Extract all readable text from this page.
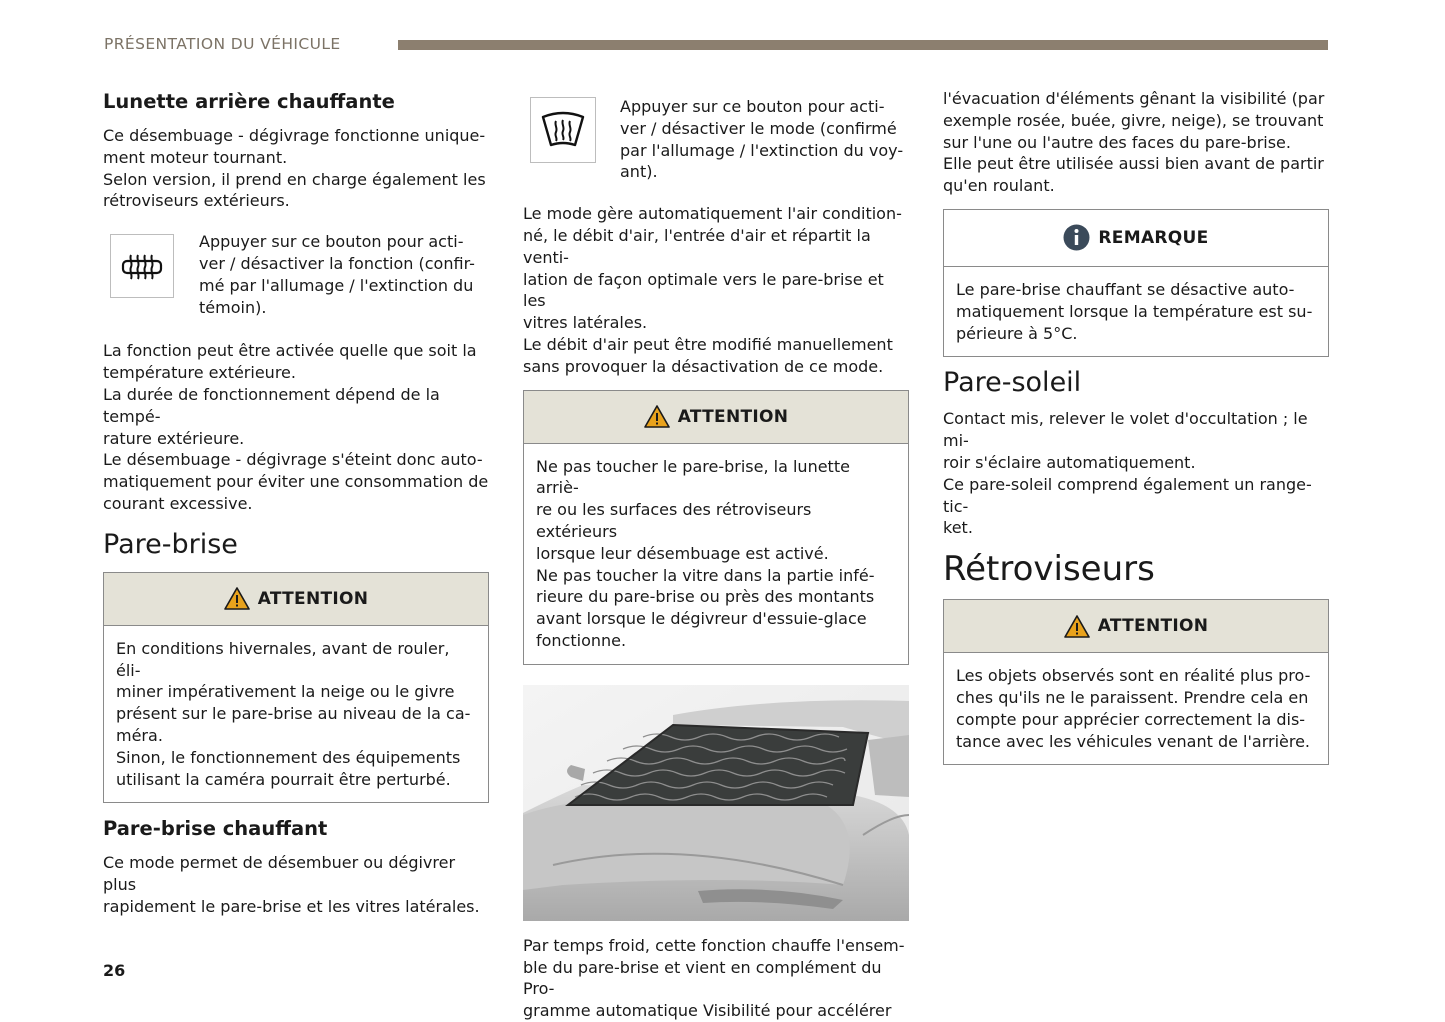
PRÉSENTATION DU VÉHICULE
Lunette arrière chauffante

Ce désembuage - dégivrage fonctionne unique-
ment moteur tournant.
Selon version, il prend en charge également les
rétroviseurs extérieurs.

Appuyer sur ce bouton pour acti-
ver / désactiver la fonction (confir-
mé par l'allumage / l'extinction du
témoin).

La fonction peut être activée quelle que soit la
température extérieure.
La durée de fonctionnement dépend de la tempé-
rature extérieure.
Le désembuage - dégivrage s'éteint donc auto-
matiquement pour éviter une consommation de
courant excessive.

Pare-brise
ATTENTION

En conditions hivernales, avant de rouler, éli-
miner impérativement la neige ou le givre
présent sur le pare-brise au niveau de la ca-
méra.
Sinon, le fonctionnement des équipements
utilisant la caméra pourrait être perturbé.

Pare-brise chauffant

Ce mode permet de désembuer ou dégivrer plus
rapidement le pare-brise et les vitres latérales.

Appuyer sur ce bouton pour acti-
ver / désactiver le mode (confirmé
par l'allumage / l'extinction du voy-
ant).

Le mode gère automatiquement l'air condition-
né, le débit d'air, l'entrée d'air et répartit la venti-
lation de façon optimale vers le pare-brise et les
vitres latérales.
Le débit d'air peut être modifié manuellement
sans provoquer la désactivation de ce mode.

ATTENTION

Ne pas toucher le pare-brise, la lunette arriè-
re ou les surfaces des rétroviseurs extérieurs
lorsque leur désembuage est activé.
Ne pas toucher la vitre dans la partie infé-
rieure du pare-brise ou près des montants
avant lorsque le dégivreur d'essuie-glace
fonctionne.

Par temps froid, cette fonction chauffe l'ensem-
ble du pare-brise et vient en complément du Pro-
gramme automatique Visibilité pour accélérer

l'évacuation d'éléments gênant la visibilité (par
exemple rosée, buée, givre, neige), se trouvant
sur l'une ou l'autre des faces du pare-brise.
Elle peut être utilisée aussi bien avant de partir
qu'en roulant.

REMARQUE

Le pare-brise chauffant se désactive auto-
matiquement lorsque la température est su-
périeure à 5°C.

Pare-soleil

Contact mis, relever le volet d'occultation ; le mi-
roir s'éclaire automatiquement.
Ce pare-soleil comprend également un range-tic-
ket.

Rétroviseurs
ATTENTION

Les objets observés sont en réalité plus pro-
ches qu'ils ne le paraissent. Prendre cela en
compte pour apprécier correctement la dis-
tance avec les véhicules venant de l'arrière.

26
